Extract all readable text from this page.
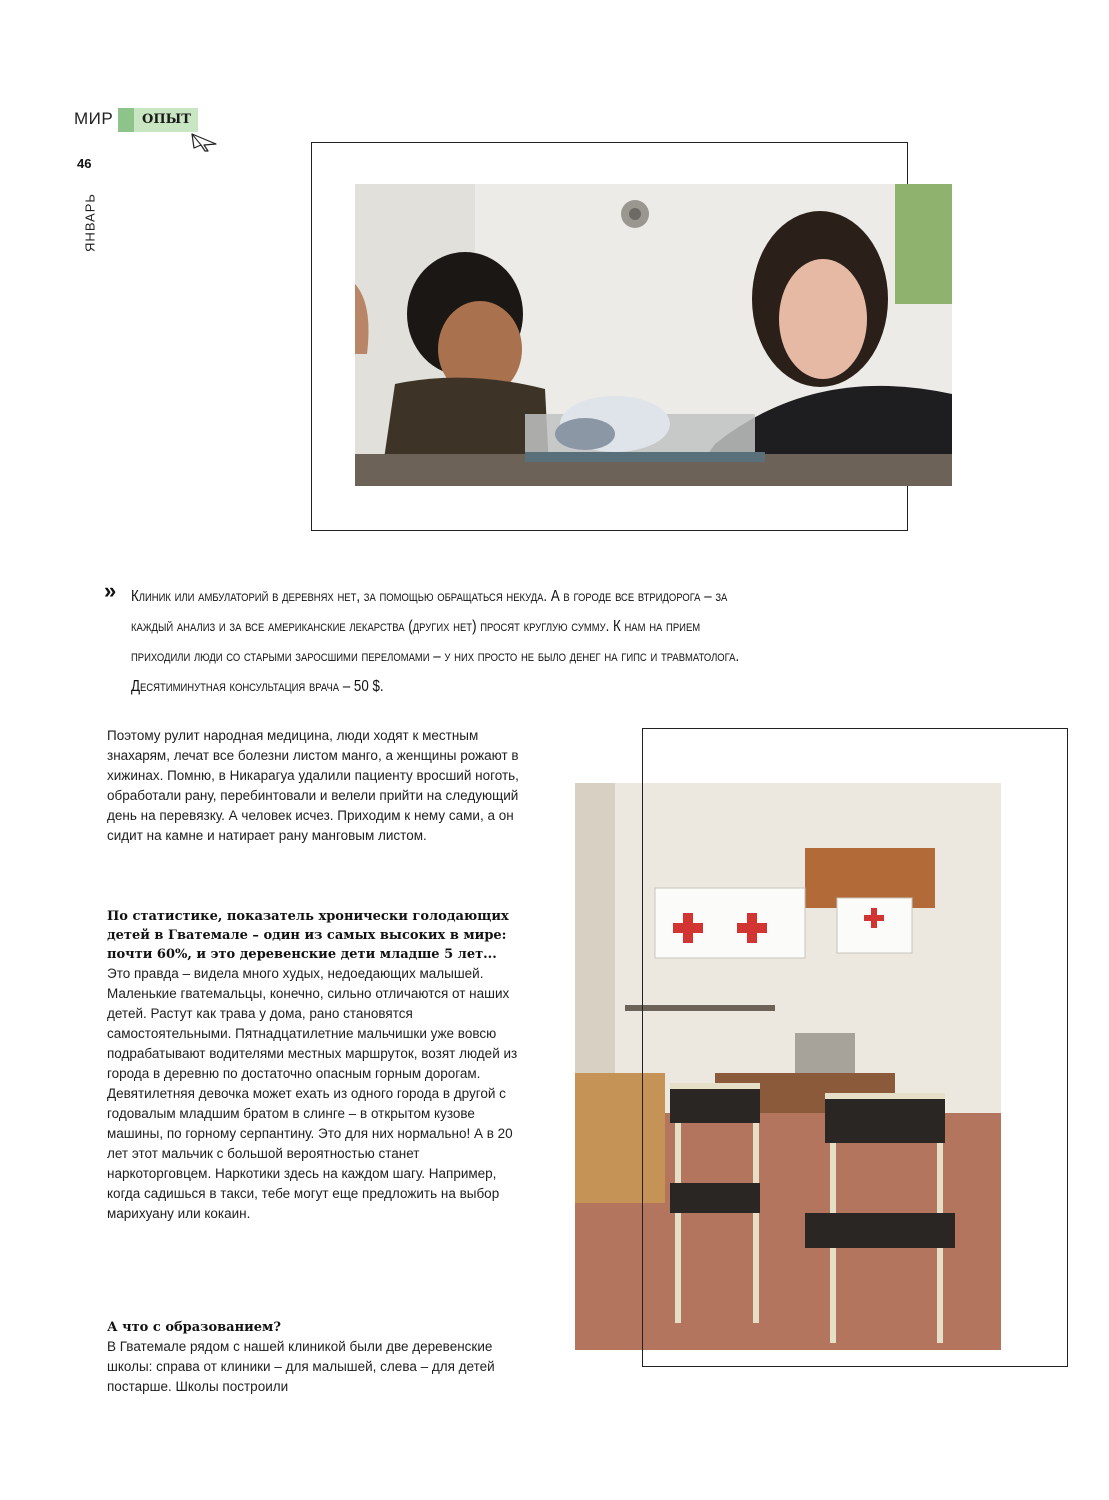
МИР ОПЫТ
46
ЯНВАРЬ
» Клиник или амбулаторий в деревнях нет, за помощью обращаться некуда. А в городе все втридорога – за каждый анализ и за все американские лекарства (других нет) просят круглую сумму. К нам на прием приходили люди со старыми заросшими переломами – у них просто не было денег на гипс и травматолога. Десятиминутная консультация врача – 50 $.

Поэтому рулит народная медицина, люди ходят к местным знахарям, лечат все болезни листом манго, а женщины рожают в хижинах. Помню, в Никарагуа удалили пациенту вросший ноготь, обработали рану, перебинтовали и велели прийти на следующий день на перевязку. А человек исчез. Приходим к нему сами, а он сидит на камне и натирает рану манговым листом.

По статистике, показатель хронически голодающих детей в Гватемале – один из самых высоких в мире: почти 60%, и это деревенские дети младше 5 лет...

Это правда – видела много худых, недоедающих малышей. Маленькие гватемальцы, конечно, сильно отличаются от наших детей. Растут как трава у дома, рано становятся самостоятельными. Пятнадцатилетние мальчишки уже вовсю подрабатывают водителями местных маршруток, возят людей из города в деревню по достаточно опасным горным дорогам. Девятилетняя девочка может ехать из одного города в другой с годовалым младшим братом в слинге – в открытом кузове машины, по горному серпантину. Это для них нормально! А в 20 лет этот мальчик с большой вероятностью станет наркоторговцем. Наркотики здесь на каждом шагу. Например, когда садишься в такси, тебе могут еще предложить на выбор марихуану или кокаин.

А что с образованием?

В Гватемале рядом с нашей клиникой были две деревенские школы: справа от клиники – для малышей, слева – для детей постарше. Школы построили
